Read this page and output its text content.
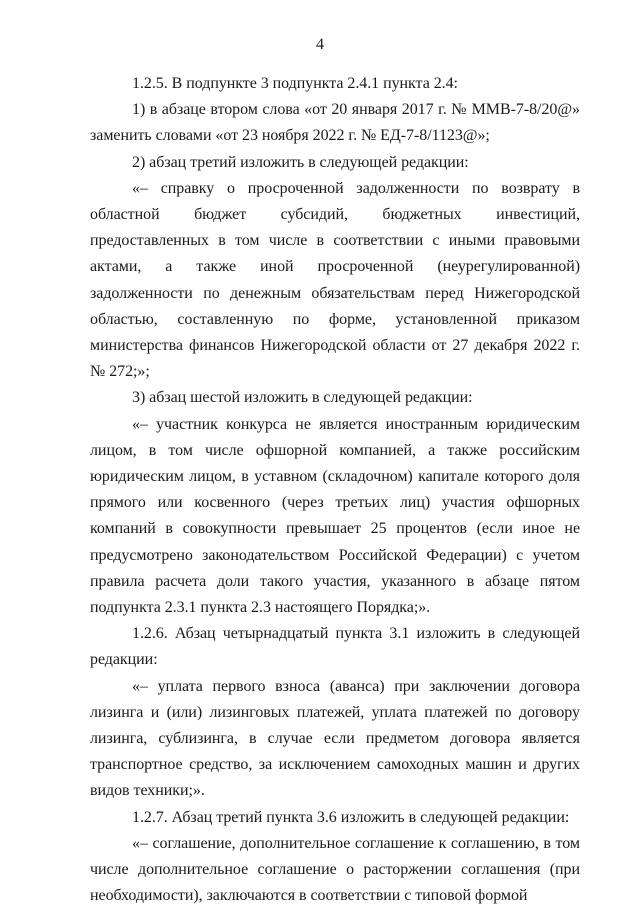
4

1.2.5. В подпункте 3 подпункта 2.4.1 пункта 2.4:

1) в абзаце втором слова «от 20 января 2017 г. № ММВ-7-8/20@» заменить словами «от 23 ноября 2022 г. № ЕД-7-8/1123@»;

2) абзац третий изложить в следующей редакции:

«– справку о просроченной задолженности по возврату в областной бюджет субсидий, бюджетных инвестиций, предоставленных в том числе в соответствии с иными правовыми актами, а также иной просроченной (неурегулированной) задолженности по денежным обязательствам перед Нижегородской областью, составленную по форме, установленной приказом министерства финансов Нижегородской области от 27 декабря 2022 г. № 272;»;

3) абзац шестой изложить в следующей редакции:

«– участник конкурса не является иностранным юридическим лицом, в том числе офшорной компанией, а также российским юридическим лицом, в уставном (складочном) капитале которого доля прямого или косвенного (через третьих лиц) участия офшорных компаний в совокупности превышает 25 процентов (если иное не предусмотрено законодательством Российской Федерации) с учетом правила расчета доли такого участия, указанного в абзаце пятом подпункта 2.3.1 пункта 2.3 настоящего Порядка;».

1.2.6. Абзац четырнадцатый пункта 3.1 изложить в следующей редакции:

«– уплата первого взноса (аванса) при заключении договора лизинга и (или) лизинговых платежей, уплата платежей по договору лизинга, сублизинга, в случае если предметом договора является транспортное средство, за исключением самоходных машин и других видов техники;».

1.2.7. Абзац третий пункта 3.6 изложить в следующей редакции:

«– соглашение, дополнительное соглашение к соглашению, в том числе дополнительное соглашение о расторжении соглашения (при необходимости), заключаются в соответствии с типовой формой
